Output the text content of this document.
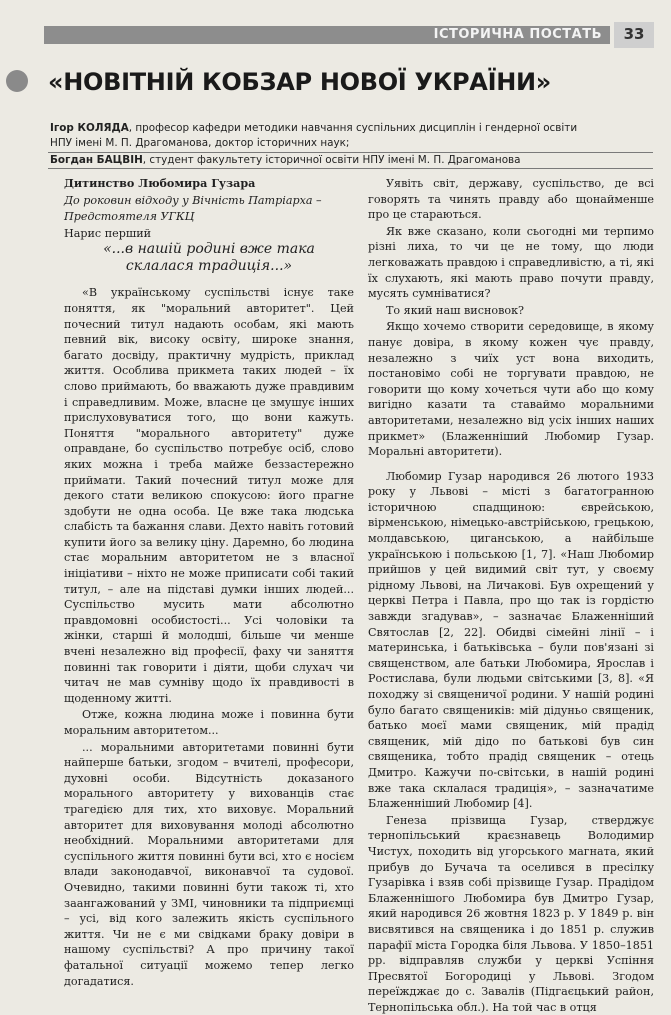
ІСТОРИЧНА ПОСТАТЬ	33
«НОВІТНІЙ КОБЗАР НОВОЇ УКРАЇНИ»
Ігор КОЛЯДА, професор кафедри методики навчання суспільних дисциплін і гендерної освіти
НПУ імені М. П. Драгоманова, доктор історичних наук;
Богдан БАЦВІН, студент факультету історичної освіти НПУ імені М. П. Драгоманова

Дитинство Любомира Гузара

До роковин відходу у Вічність Патріарха –

Предстоятеля УГКЦ

Нарис перший

«...в нашій родині вже така
склалася традиція...»

«В українському суспільстві існує таке поняття, як "моральний авторитет". Цей почесний титул надають особам, які мають певний вік, високу освіту, широке знання, багато досвіду, практичну мудрість, приклад життя. Особлива прикмета таких людей – їх слово приймають, бо вважають дуже правдивим і справедливим. Може, власне це змушує інших прислуховуватися того, що вони кажуть. Поняття "морального авторитету" дуже оправдане, бо суспільство потребує осіб, слово яких можна і треба майже беззастережно приймати. Такий почесний титул може для декого стати великою спокусою: його прагне здобути не одна особа. Це вже така людська слабість та бажання слави. Дехто навіть готовий купити його за велику ціну. Даремно, бо людина стає моральним авторитетом не з власної ініціативи – ніхто не може приписати собі такий титул, – але на підставі думки інших людей... Суспільство мусить мати абсолютно правдомовні особистості... Усі чоловіки та жінки, старші й молодші, більше чи менше вчені незалежно від професії, фаху чи заняття повинні так говорити і діяти, щоби слухач чи читач не мав сумніву щодо їх правдивості в щоденному житті.

Отже, кожна людина може і повинна бути моральним авторитетом...

... моральними авторитетами повинні бути найперше батьки, згодом – вчителі, професори, духовні особи. Відсутність доказаного морального авторитету у вихованців стає трагедією для тих, хто виховує. Моральний авторитет для виховування молоді абсолютно необхідний. Моральними авторитетами для суспільного життя повинні бути всі, хто є носієм влади законодавчої, виконавчої та судової. Очевидно, такими повинні бути також ті, хто заангажований у ЗМІ, чиновники та підприємці – усі, від кого залежить якість суспільного життя. Чи не є ми свідками браку довіри в нашому суспільстві? А про причину такої фатальної ситуації можемо тепер легко догадатися.

Уявіть світ, державу, суспільство, де всі говорять та чинять правду або щонайменше про це стараються.

Як вже сказано, коли сьогодні ми терпимо різні лиха, то чи це не тому, що люди легковажать правдою і справедливістю, а ті, які їх слухають, які мають право почути правду, мусять сумніватися?

То який наш висновок?

Якщо хочемо створити середовище, в якому панує довіра, в якому кожен чує правду, незалежно з чиїх уст вона виходить, постановімо собі не торгувати правдою, не говорити що кому хочеться чути або що кому вигідно казати та ставаймо моральними авторитетами, незалежно від усіх інших наших прикмет» (Блаженніший Любомир Гузар. Моральні авторитети).

Любомир Гузар народився 26 лютого 1933 року у Львові – місті з багатогранною історичною спадщиною: єврейською, вірменською, німецько-австрійською, грецькою, молдавською, циганською, а найбільше українською і польською [1, 7]. «Наш Любомир прийшов у цей видимий світ тут, у своєму рідному Львові, на Личакові. Був охрещений у церкві Петра і Павла, про що так із гордістю завжди згадував», – зазначає Блаженніший Святослав [2, 22]. Обидві сімейні лінії – і материнська, і батьківська – були пов'язані зі священством, але батьки Любомира, Ярослав і Ростислава, були людьми світськими [3, 8]. «Я походжу зі священичої родини. У нашій родині було багато священиків: мій дідуньо священик, батько моєї мами священик, мій прадід священик, мій дідо по батькові був син священика, тобто прадід священик – отець Дмитро. Кажучи по-світськи, в нашій родині вже така склалася традиція», – зазначатиме Блаженніший Любомир [4].

Генеза прізвища Гузар, стверджує тернопільський краєзнавець Володимир Чистух, походить від угорського магната, який прибув до Бучача та оселився в пресілку Гузарівка і взяв собі прізвище Гузар. Прадідом Блаженнішого Любомира був Дмитро Гузар, який народився 26 жовтня 1823 р. У 1849 р. він висвятився на священика і до 1851 р. служив парафії міста Городка біля Львова. У 1850–1851 рр. відправляв служби у церкві Успіння Пресвятої Богородиці у Львові. Згодом переїжджає до с. Завалів (Підгаєцький район, Тернопільська обл.). На той час в отця
